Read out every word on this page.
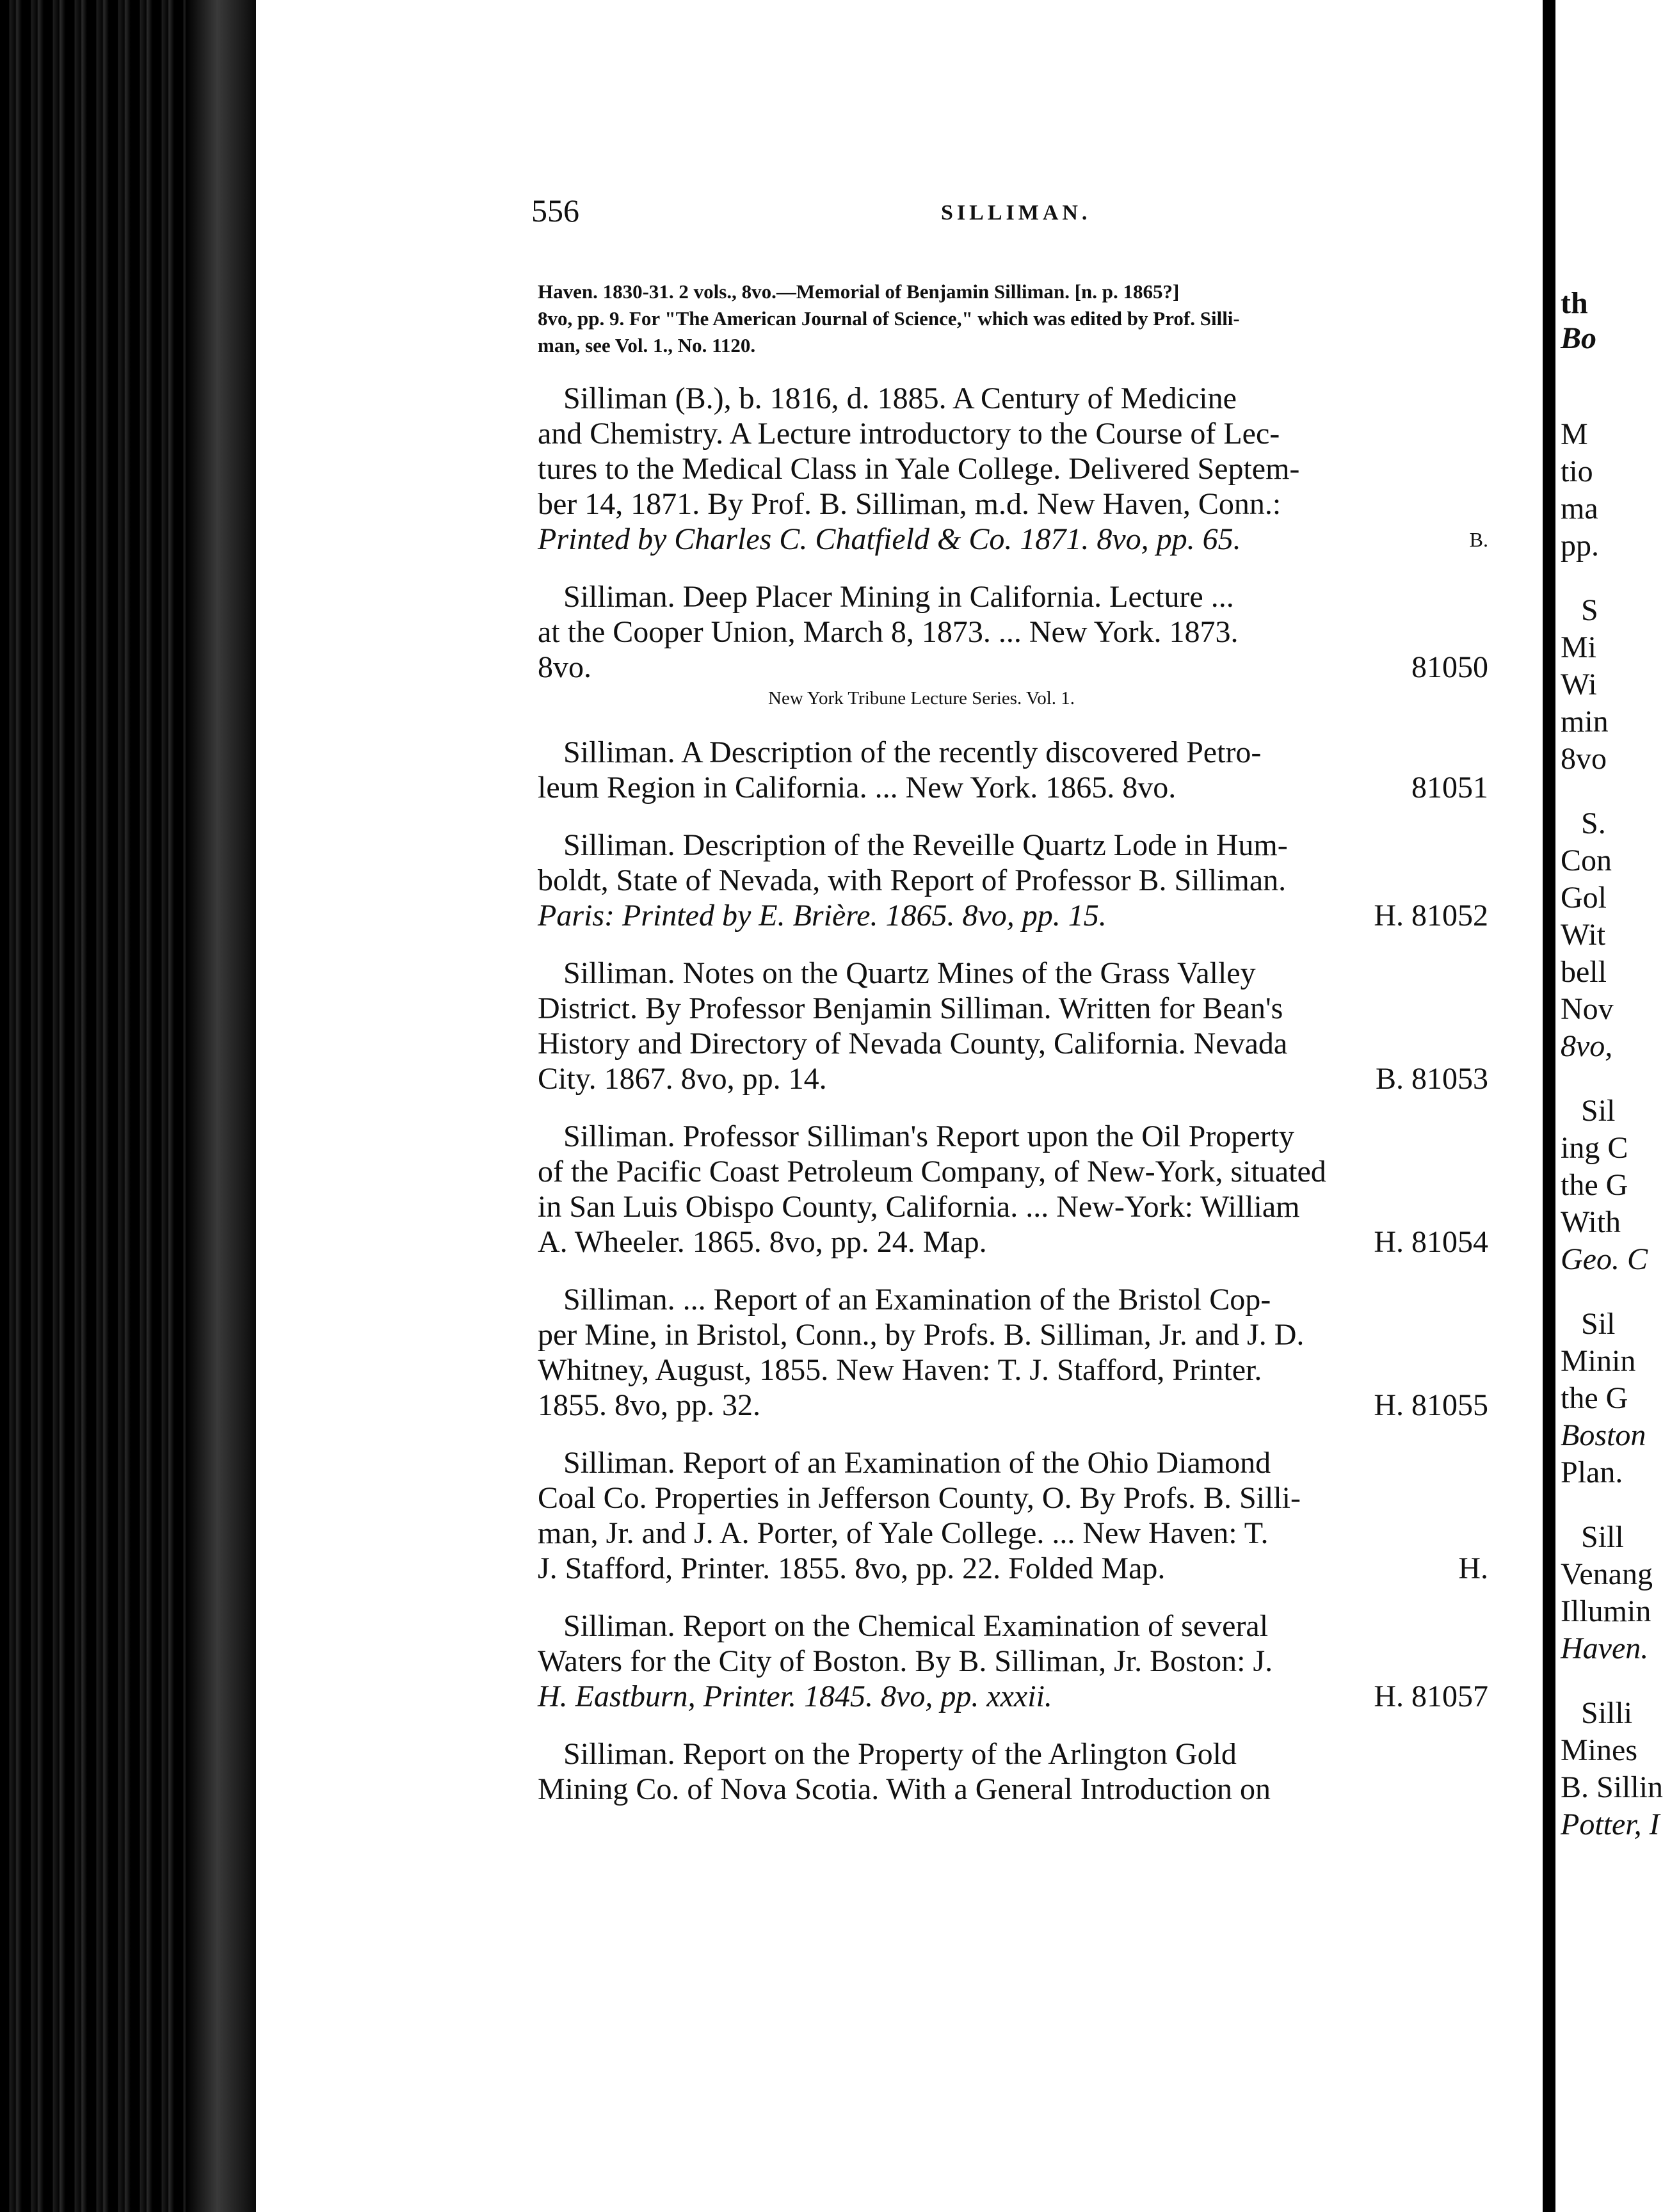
th
Bo
M
tio
ma
pp.
S
Mi
Wi
min
8vo
S.
Con
Gol
Wit
bell
Nov
8vo,
Sil
ing C
the G
With
Geo. C
Sil
Minin
the G
Boston
Plan.
Sill
Venang
Illumin
Haven.
Silli
Mines
B. Sillin
Potter, I
556	SILLIMAN.
Haven. 1830-31. 2 vols., 8vo.—Memorial of Benjamin Silliman. [n. p. 1865?]
8vo, pp. 9. For "The American Journal of Science," which was edited by Prof. Silli-
man, see Vol. 1., No. 1120.
Silliman (B.), b. 1816, d. 1885. A Century of Medicine
and Chemistry. A Lecture introductory to the Course of Lec-
tures to the Medical Class in Yale College. Delivered Septem-
ber 14, 1871. By Prof. B. Silliman, m.d. New Haven, Conn.:
Printed by Charles C. Chatfield & Co. 1871. 8vo, pp. 65.	B.
Silliman. Deep Placer Mining in California. Lecture ...
at the Cooper Union, March 8, 1873. ... New York. 1873.
8vo.	81050
New York Tribune Lecture Series. Vol. 1.
Silliman. A Description of the recently discovered Petro-
leum Region in California. ... New York. 1865. 8vo.	81051
Silliman. Description of the Reveille Quartz Lode in Hum-
boldt, State of Nevada, with Report of Professor B. Silliman.
Paris: Printed by E. Brière. 1865. 8vo, pp. 15.	H. 81052
Silliman. Notes on the Quartz Mines of the Grass Valley
District. By Professor Benjamin Silliman. Written for Bean's
History and Directory of Nevada County, California. Nevada
City. 1867. 8vo, pp. 14.	B. 81053
Silliman. Professor Silliman's Report upon the Oil Property
of the Pacific Coast Petroleum Company, of New-York, situated
in San Luis Obispo County, California. ... New-York: William
A. Wheeler. 1865. 8vo, pp. 24. Map.	H. 81054
Silliman. ... Report of an Examination of the Bristol Cop-
per Mine, in Bristol, Conn., by Profs. B. Silliman, Jr. and J. D.
Whitney, August, 1855. New Haven: T. J. Stafford, Printer.
1855. 8vo, pp. 32.	H. 81055
Silliman. Report of an Examination of the Ohio Diamond
Coal Co. Properties in Jefferson County, O. By Profs. B. Silli-
man, Jr. and J. A. Porter, of Yale College. ... New Haven: T.
J. Stafford, Printer. 1855. 8vo, pp. 22. Folded Map.	H.
Silliman. Report on the Chemical Examination of several
Waters for the City of Boston. By B. Silliman, Jr. Boston: J.
H. Eastburn, Printer. 1845. 8vo, pp. xxxii.	H. 81057
Silliman. Report on the Property of the Arlington Gold
Mining Co. of Nova Scotia. With a General Introduction on
